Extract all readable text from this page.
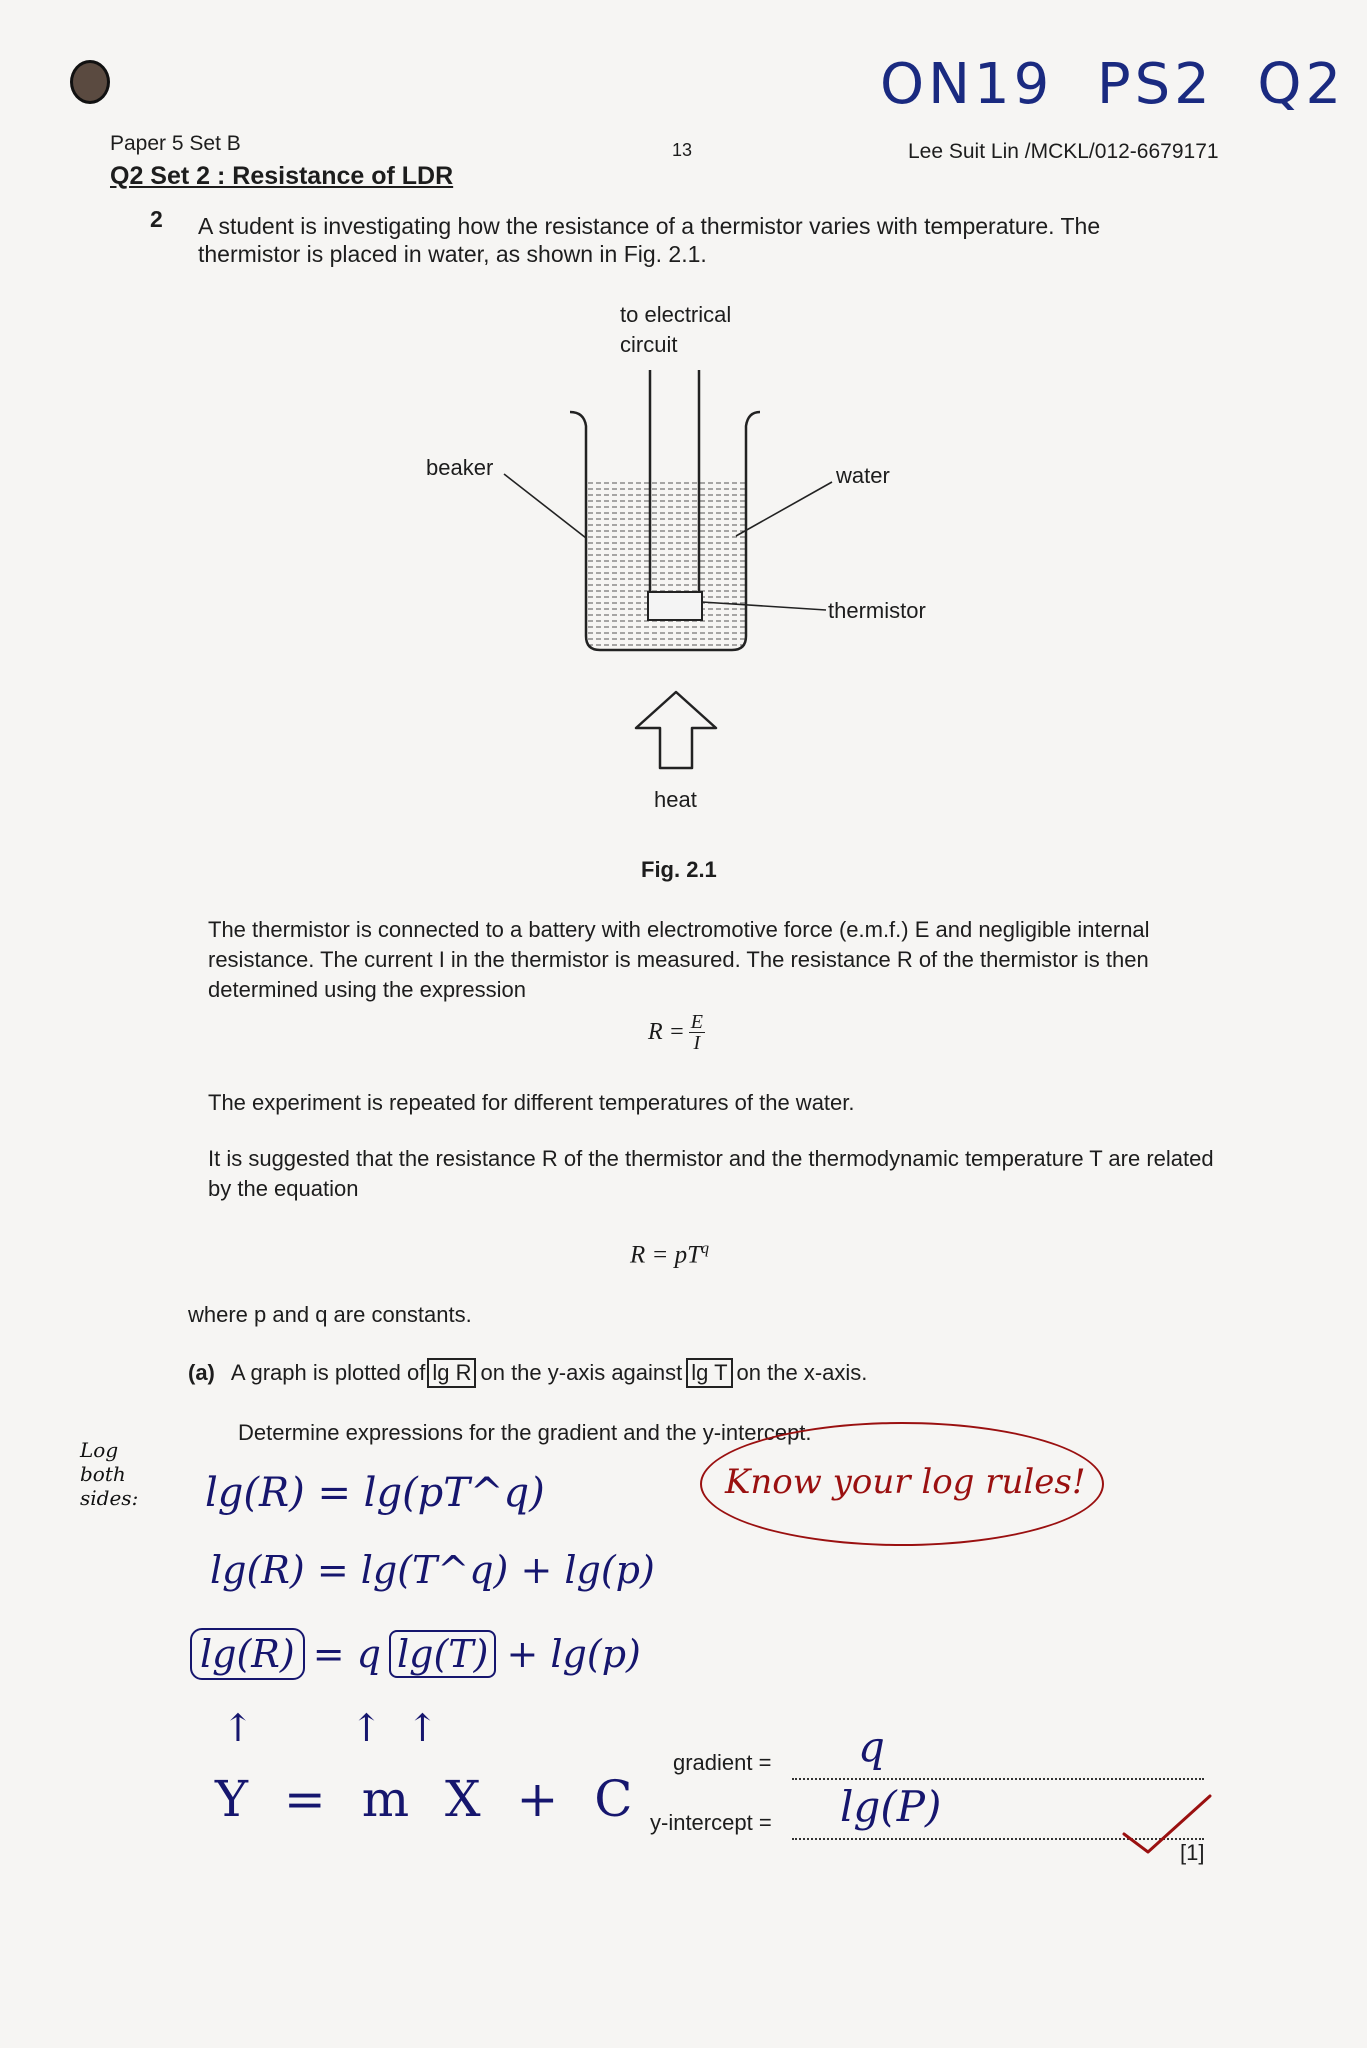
ON19  PS2  Q2
Paper 5 Set B	13	Lee Suit Lin /MCKL/012-6679171
Q2 Set 2 : Resistance of LDR
2 A student is investigating how the resistance of a thermistor varies with temperature. The thermistor is placed in water, as shown in Fig. 2.1.
to electrical
circuit
beaker	water
thermistor
heat
Fig. 2.1
The thermistor is connected to a battery with electromotive force (e.m.f.) E and negligible internal resistance. The current I in the thermistor is measured. The resistance R of the thermistor is then determined using the expression
R = E
I
The experiment is repeated for different temperatures of the water.
It is suggested that the resistance R of the thermistor and the thermodynamic temperature T are related by the equation
$R = pT^q$
where p and q are constants.
(a) A graph is plotted of lg R on the y-axis against lg T on the x-axis.
Determine expressions for the gradient and the y-intercept.
Log both sides:	lg(R) = lg(pT^q)
lg(R) = lg(T^q) + lg(p)
lg(R) = q lg(T) + lg(p)
↑        ↑  ↑
Y = m X + C
Know your log rules!
gradient = q
y-intercept = lg(P)
[1]
